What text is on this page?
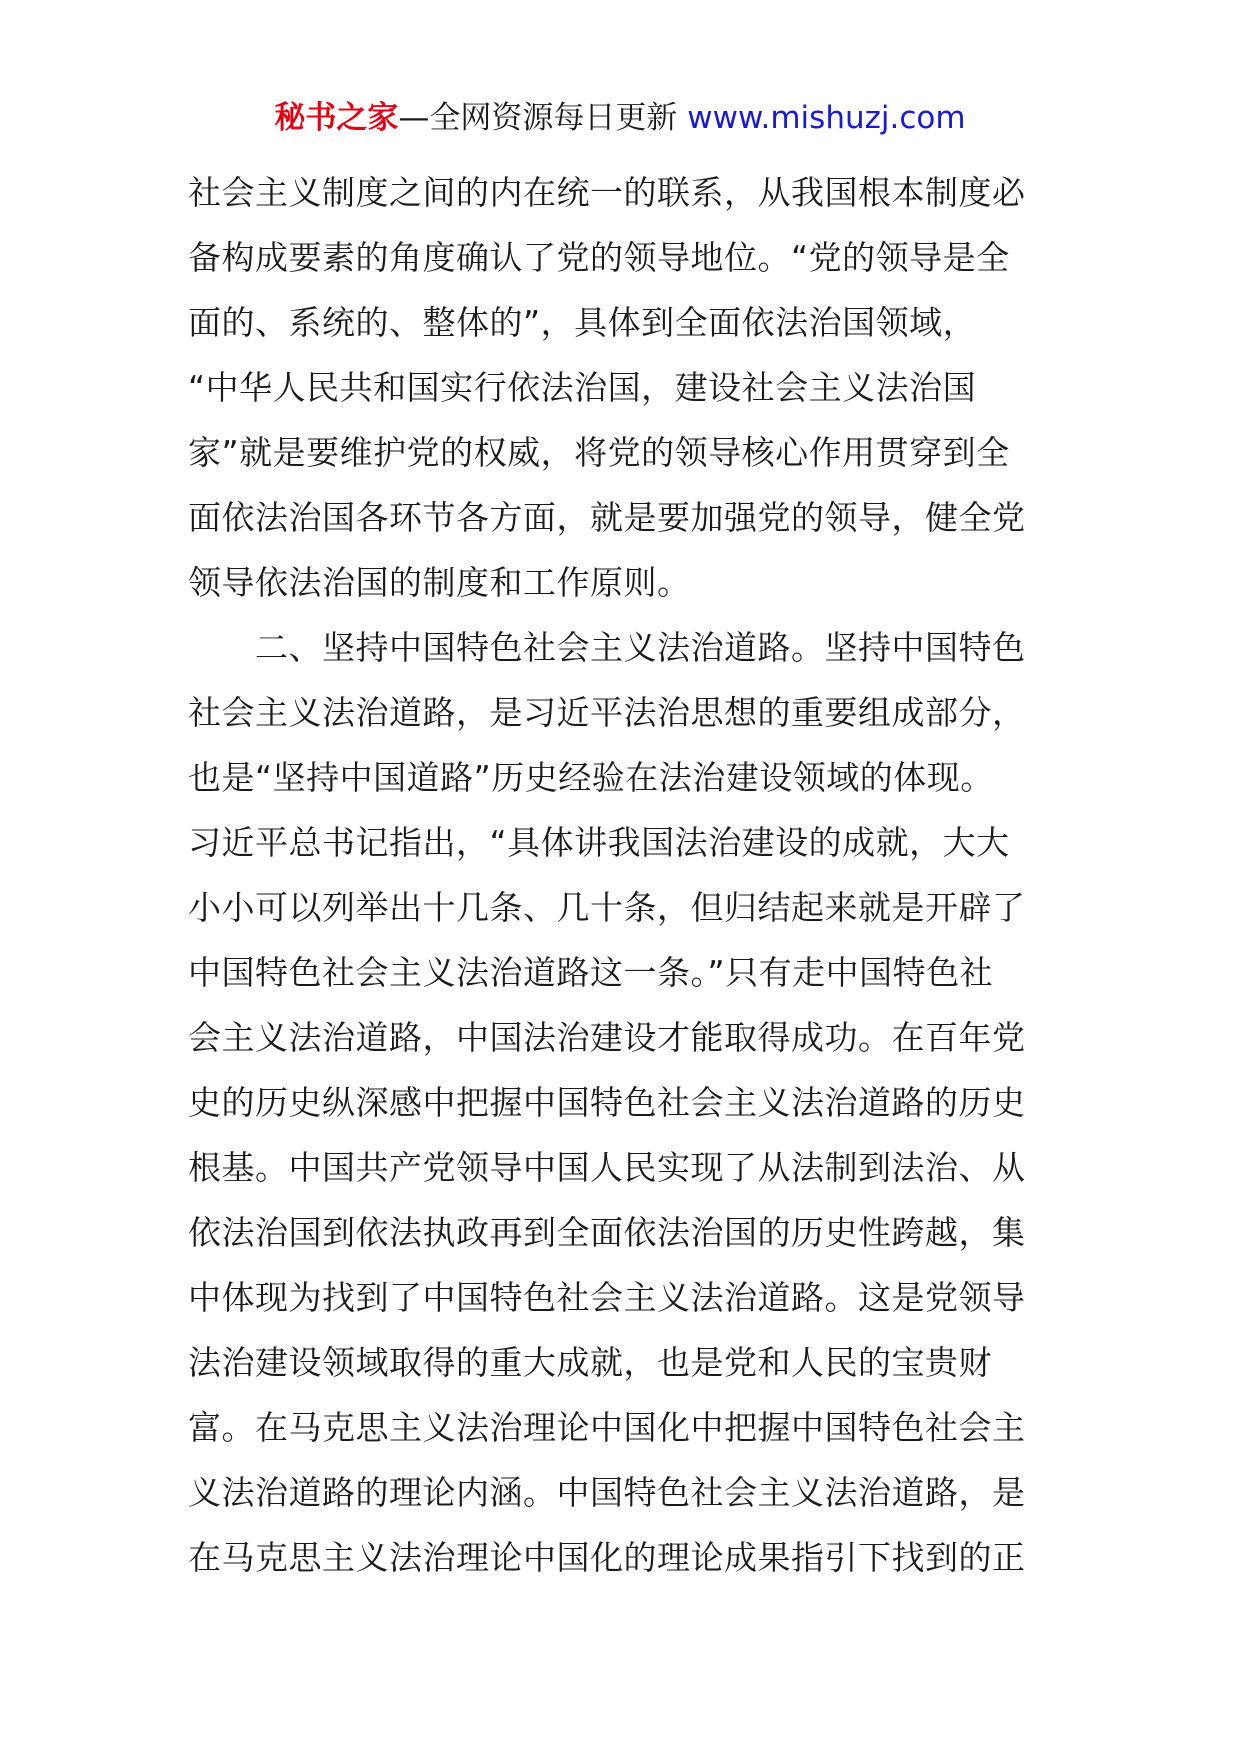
秘书之家—全网资源每日更新 www.mishuzj.com
社会主义制度之间的内在统一的联系，从我国根本制度必
备构成要素的角度确认了党的领导地位。“党的领导是全
面的、系统的、整体的”，具体到全面依法治国领域，
“中华人民共和国实行依法治国，建设社会主义法治国
家”就是要维护党的权威，将党的领导核心作用贯穿到全
面依法治国各环节各方面，就是要加强党的领导，健全党
领导依法治国的制度和工作原则。
　　二、坚持中国特色社会主义法治道路。坚持中国特色
社会主义法治道路，是习近平法治思想的重要组成部分，
也是“坚持中国道路”历史经验在法治建设领域的体现。
习近平总书记指出，“具体讲我国法治建设的成就，大大
小小可以列举出十几条、几十条，但归结起来就是开辟了
中国特色社会主义法治道路这一条。”只有走中国特色社
会主义法治道路，中国法治建设才能取得成功。在百年党
史的历史纵深感中把握中国特色社会主义法治道路的历史
根基。中国共产党领导中国人民实现了从法制到法治、从
依法治国到依法执政再到全面依法治国的历史性跨越，集
中体现为找到了中国特色社会主义法治道路。这是党领导
法治建设领域取得的重大成就，也是党和人民的宝贵财
富。在马克思主义法治理论中国化中把握中国特色社会主
义法治道路的理论内涵。中国特色社会主义法治道路，是
在马克思主义法治理论中国化的理论成果指引下找到的正
